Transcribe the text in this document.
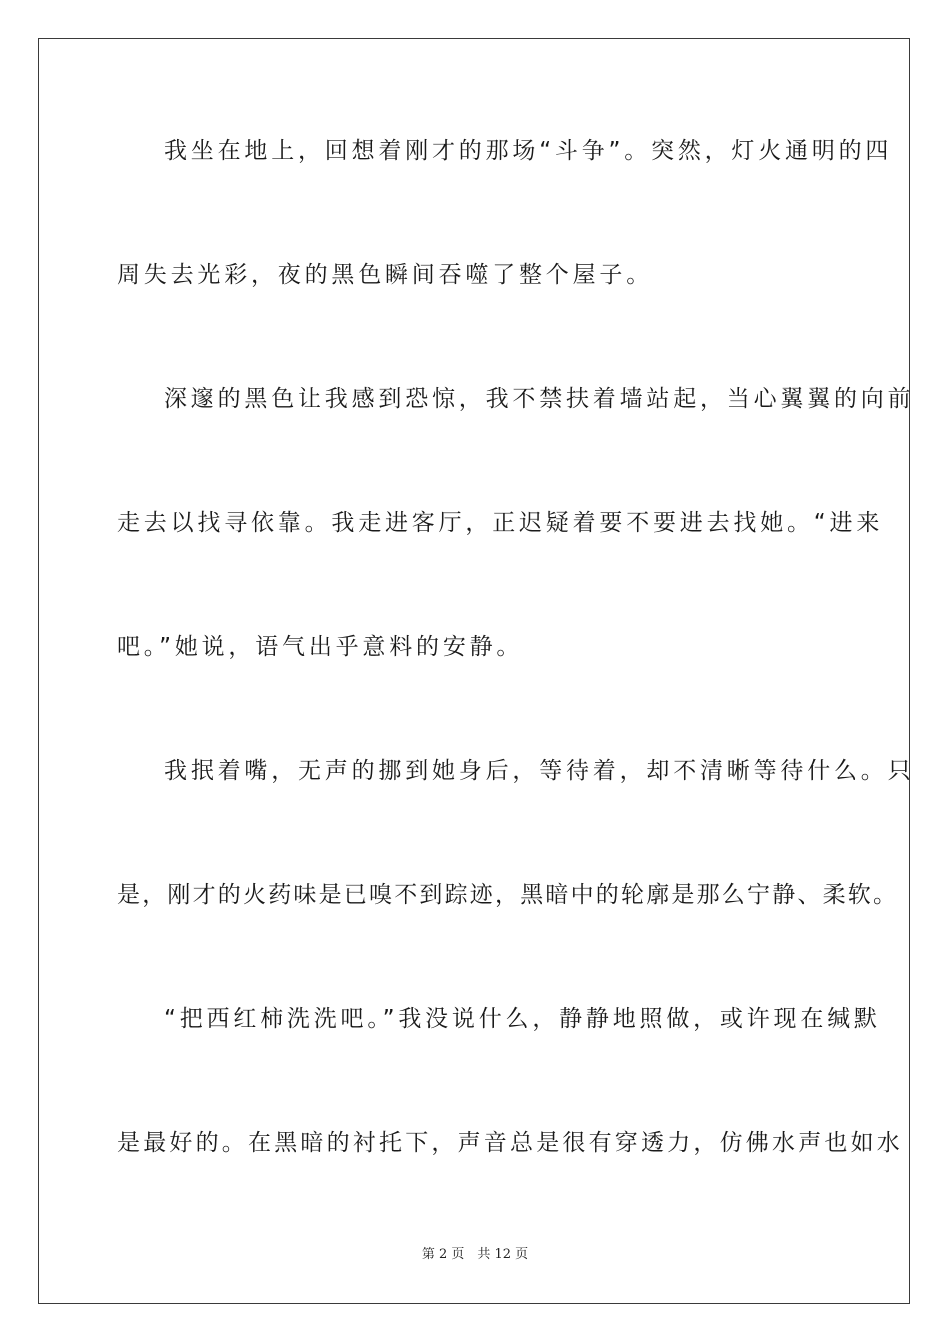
我坐在地上，回想着刚才的那场“斗争”。突然，灯火通明的四

周失去光彩，夜的黑色瞬间吞噬了整个屋子。

深邃的黑色让我感到恐惊，我不禁扶着墙站起，当心翼翼的向前

走去以找寻依靠。我走进客厅，正迟疑着要不要进去找她。“进来

吧。”她说，语气出乎意料的安静。

我抿着嘴，无声的挪到她身后，等待着，却不清晰等待什么。只

是，刚才的火药味是已嗅不到踪迹，黑暗中的轮廓是那么宁静、柔软。

“把西红柿洗洗吧。”我没说什么，静静地照做，或许现在缄默

是最好的。在黑暗的衬托下，声音总是很有穿透力，仿佛水声也如水

第 2 页　共 12 页
